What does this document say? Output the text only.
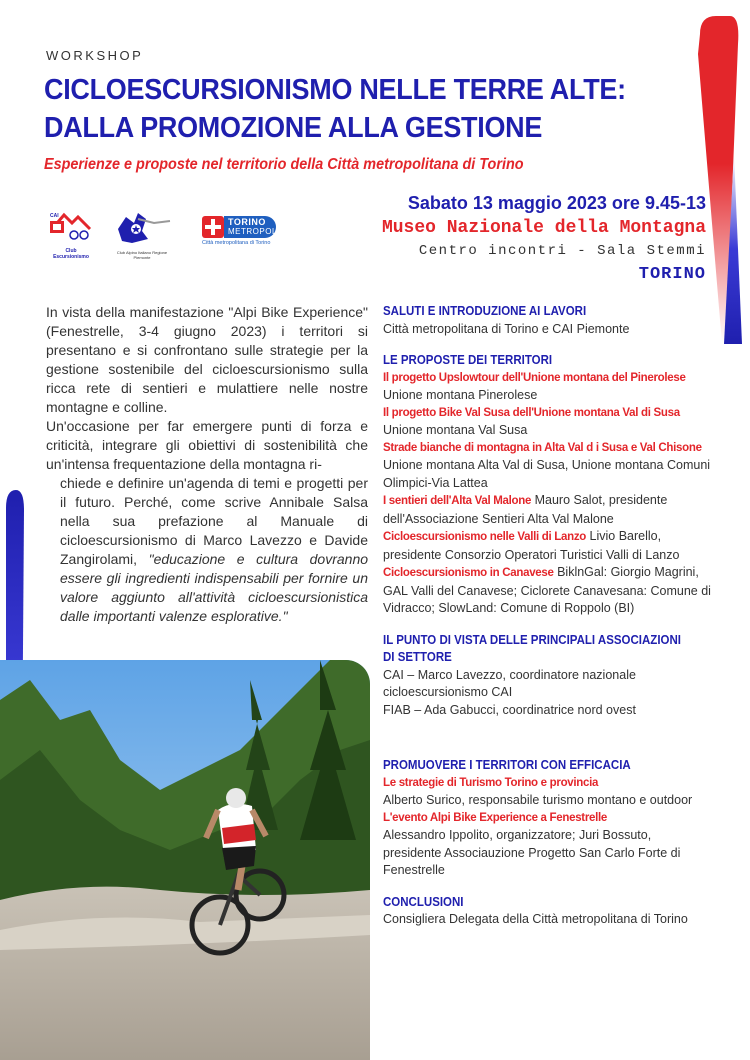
WORKSHOP
CICLOESCURSIONISMO NELLE TERRE ALTE:
DALLA PROMOZIONE ALLA GESTIONE
Esperienze e proposte nel territorio della Città metropolitana di Torino
CAI
Club Escursionismo
Club Alpino Italiano Regione Piemonte
TORINO
METROPOLI
Città metropolitana di Torino
Sabato 13 maggio 2023 ore 9.45-13
Museo Nazionale della Montagna
Centro incontri - Sala Stemmi
TORINO

In vista della manifestazione "Alpi Bike Experience" (Fenestrelle, 3-4 giugno 2023) i territori si presentano e si confrontano sulle strategie per la gestione sostenibile del cicloescursionismo sulla ricca rete di sentieri e mulattiere nelle nostre montagne e colline.

Un'occasione per far emergere punti di forza e criticità, integrare gli obiettivi di sostenibilità che un'intensa frequentazione della montagna ri-

chiede e definire un'agenda di temi e progetti per il futuro. Perché, come scrive Annibale Salsa nella sua prefazione al Manuale di cicloescursionismo di Marco Lavezzo e Davide Zangirolami, "educazione e cultura dovranno essere gli ingredienti indispensabili per fornire un valore aggiunto all'attività cicloescursionistica dalle importanti valenze esplorative."

SALUTI E INTRODUZIONE AI LAVORI
Città metropolitana di Torino e CAI Piemonte
LE PROPOSTE DEI TERRITORI
Il progetto Upslowtour dell'Unione montana del Pinerolese
Unione montana Pinerolese
Il progetto Bike Val Susa dell'Unione montana Val di Susa
Unione montana Val Susa
Strade bianche di montagna in Alta Val d i Susa e Val Chisone
Unione montana Alta Val di Susa, Unione montana Comuni Olimpici-Via Lattea
I sentieri dell'Alta Val Malone Mauro Salot, presidente dell'Associazione Sentieri Alta Val Malone
Cicloescursionismo nelle Valli di Lanzo Livio Barello, presidente Consorzio Operatori Turistici Valli di Lanzo
Cicloescursionismo in Canavese BiklnGal: Giorgio Magrini, GAL Valli del Canavese; Ciclorete Canavesana: Comune di Vidracco; SlowLand: Comune di Roppolo (BI)
IL PUNTO DI VISTA DELLE PRINCIPALI ASSOCIAZIONI
DI SETTORE
CAI – Marco Lavezzo, coordinatore nazionale cicloescursionismo CAI
FIAB – Ada Gabucci, coordinatrice nord ovest
PROMUOVERE I TERRITORI CON EFFICACIA
Le strategie di Turismo Torino e provincia
Alberto Surico, responsabile turismo montano e outdoor
L'evento Alpi Bike Experience a Fenestrelle
Alessandro Ippolito, organizzatore; Juri Bossuto, presidente Associauzione Progetto San Carlo Forte di Fenestrelle
CONCLUSIONI
Consigliera Delegata della Città metropolitana di Torino
